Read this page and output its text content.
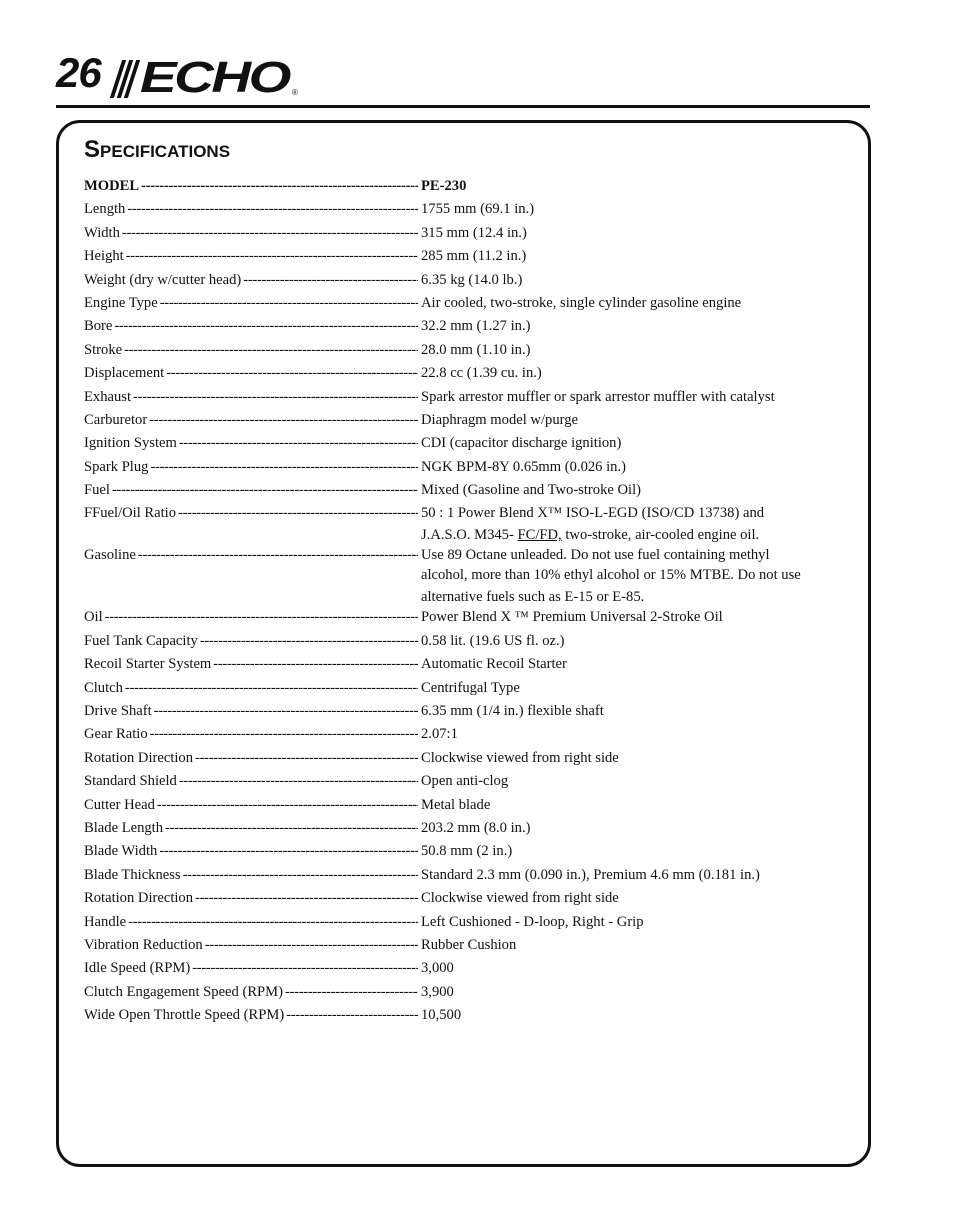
26 ECHO ®
SPECIFICATIONS
MODEL -----	PE-230
Length -----	1755 mm (69.1 in.)
Width -----	315 mm (12.4 in.)
Height -----	285 mm (11.2 in.)
Weight (dry w/cutter head) -----	6.35 kg (14.0 lb.)
Engine Type -----	Air cooled, two-stroke, single cylinder gasoline engine
Bore -----	32.2 mm (1.27 in.)
Stroke -----	28.0 mm (1.10 in.)
Displacement -----	22.8 cc (1.39 cu. in.)
Exhaust -----	Spark arrestor muffler or spark arrestor muffler with catalyst
Carburetor -----	Diaphragm model w/purge
Ignition System -----	CDI (capacitor discharge ignition)
Spark Plug -----	NGK BPM-8Y 0.65mm (0.026 in.)
Fuel -----	Mixed (Gasoline and Two-stroke Oil)
FFuel/Oil Ratio -----	50 : 1 Power Blend X™ ISO-L-EGD (ISO/CD 13738) and
J.A.S.O. M345- FC/FD, two-stroke, air-cooled engine oil.
Gasoline -----	Use 89 Octane unleaded. Do not use fuel containing methyl
alcohol, more than 10% ethyl alcohol or 15% MTBE. Do not use
alternative fuels such as E-15 or E-85.
Oil -----	Power Blend X ™ Premium Universal 2-Stroke Oil
Fuel Tank Capacity -----	0.58 lit. (19.6 US fl. oz.)
Recoil Starter System -----	Automatic Recoil Starter
Clutch -----	Centrifugal Type
Drive Shaft -----	6.35 mm (1/4 in.) flexible shaft
Gear Ratio -----	2.07:1
Rotation Direction -----	Clockwise viewed from right side
Standard Shield -----	Open anti-clog
Cutter Head -----	Metal blade
Blade Length -----	203.2 mm (8.0 in.)
Blade Width -----	50.8 mm (2 in.)
Blade Thickness -----	Standard 2.3 mm (0.090 in.), Premium 4.6 mm (0.181 in.)
Rotation Direction -----	Clockwise viewed from right side
Handle -----	Left Cushioned - D-loop, Right - Grip
Vibration Reduction -----	Rubber Cushion
Idle Speed (RPM) -----	3,000
Clutch Engagement Speed (RPM) -----	3,900
Wide Open Throttle Speed (RPM) -----	10,500
